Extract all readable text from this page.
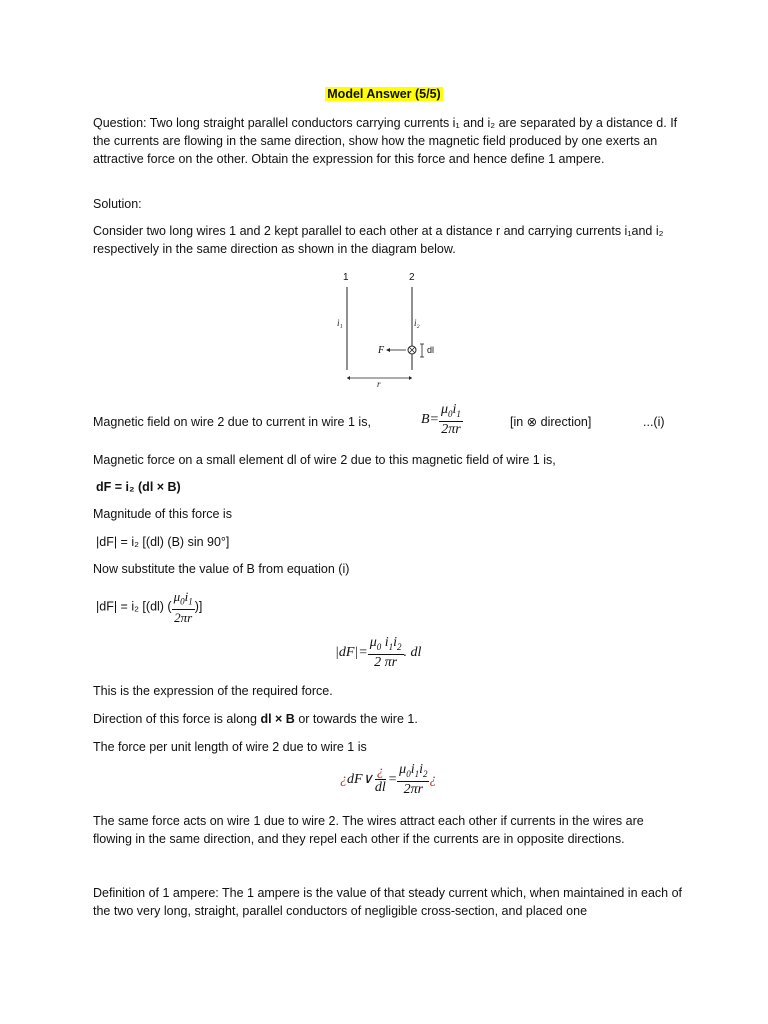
Model Answer (5/5)
Question: Two long straight parallel conductors carrying currents i₁ and i₂ are separated by a distance d. If the currents are flowing in the same direction, show how the magnetic field produced by one exerts an attractive force on the other. Obtain the expression for this force and hence define 1 ampere.
Solution:
Consider two long wires 1 and 2 kept parallel to each other at a distance r and carrying currents i₁and i₂ respectively in the same direction as shown in the diagram below.
1	2
i₁	i₂
F	dl
r
Magnetic field on wire 2 due to current in wire 1 is,	$B= \frac{\mu_0i_1}{2\pi r}$	[in ⊗ direction]	...(i)
Magnetic force on a small element dl of wire 2 due to this magnetic field of wire 1 is,
dF = i₂ (dl × B)
Magnitude of this force is
|dF| = i₂ [(dl) (B) sin 90°]
Now substitute the value of B from equation (i)
|dF| = i₂ [(dl) ( $\frac{\mu_0i_1}{2\pi r}$ )]
$|dF|= \frac{\mu_0 i_1i_2}{2 \pi r}$ . dl
This is the expression of the required force.
Direction of this force is along dl × B or towards the wire 1.
The force per unit length of wire 2 due to wire 1 is
¿dF∨ $\frac{¿}{dl} = \frac{\mu_0i_1i_2}{2\pi r}$ ¿
The same force acts on wire 1 due to wire 2. The wires attract each other if currents in the wires are flowing in the same direction, and they repel each other if the currents are in opposite directions.
Definition of 1 ampere: The 1 ampere is the value of that steady current which, when maintained in each of the two very long, straight, parallel conductors of negligible cross-section, and placed one
